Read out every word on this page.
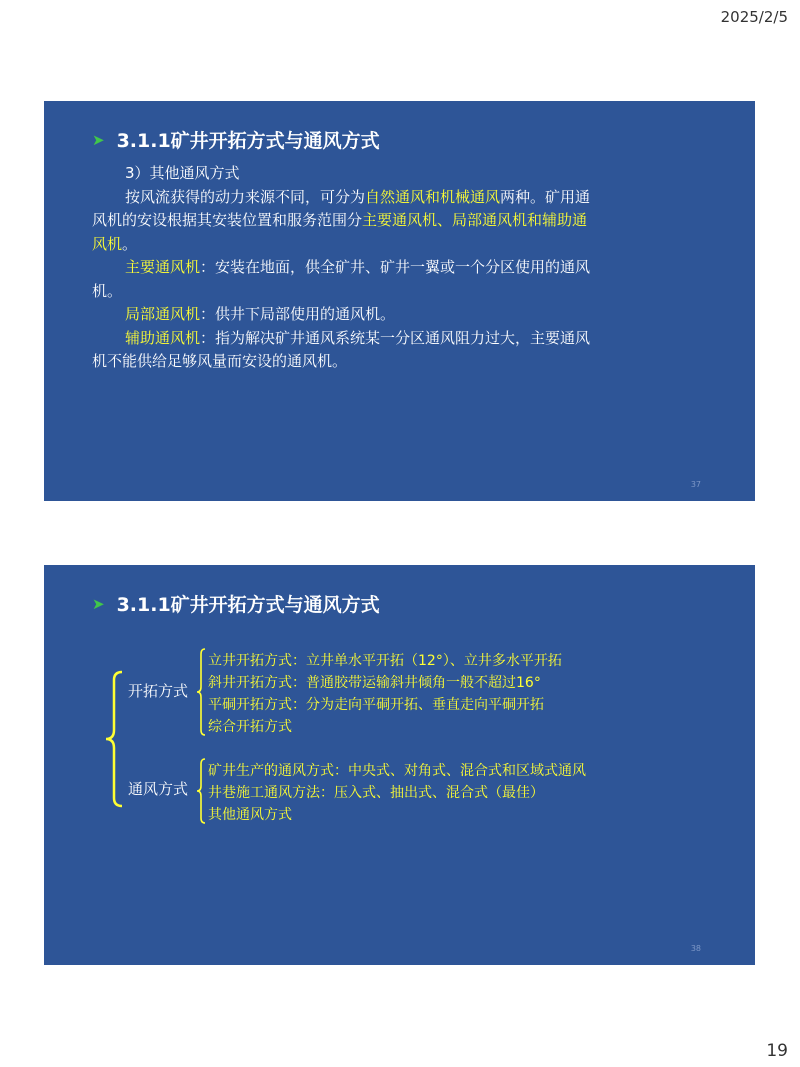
2025/2/5
➤ 3.1.1矿井开拓方式与通风方式

3）其他通风方式

按风流获得的动力来源不同，可分为自然通风和机械通风两种。矿用通风机的安设根据其安装位置和服务范围分主要通风机、局部通风机和辅助通风机。

主要通风机：安装在地面，供全矿井、矿井一翼或一个分区使用的通风机。

局部通风机：供井下局部使用的通风机。

辅助通风机：指为解决矿井通风系统某一分区通风阻力过大，主要通风机不能供给足够风量而安设的通风机。

37
➤ 3.1.1矿井开拓方式与通风方式
开拓方式
立井开拓方式：立井单水平开拓（12°）、立井多水平开拓
斜井开拓方式：普通胶带运输斜井倾角一般不超过16°
平硐开拓方式：分为走向平硐开拓、垂直走向平硐开拓
综合开拓方式
通风方式
矿井生产的通风方式：中央式、对角式、混合式和区域式通风
井巷施工通风方法：压入式、抽出式、混合式（最佳）
其他通风方式
38
19
